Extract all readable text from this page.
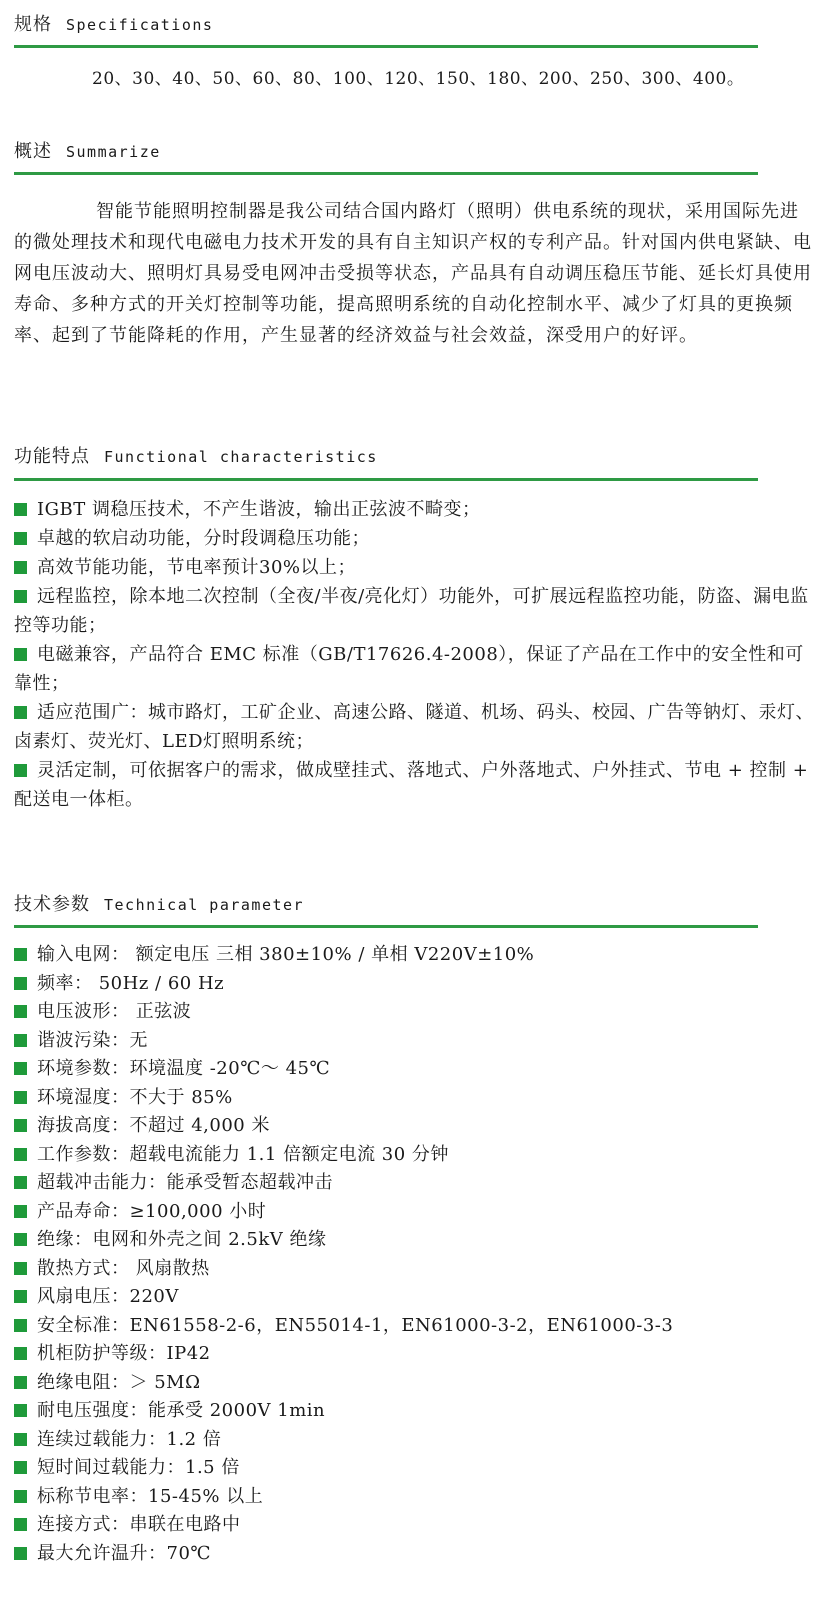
规格 Specifications
20、30、40、50、60、80、100、120、150、180、200、250、300、400。
概述 Summarize

智能节能照明控制器是我公司结合国内路灯（照明）供电系统的现状，采用国际先进的微处理技术和现代电磁电力技术开发的具有自主知识产权的专利产品。针对国内供电紧缺、电网电压波动大、照明灯具易受电网冲击受损等状态，产品具有自动调压稳压节能、延长灯具使用寿命、多种方式的开关灯控制等功能，提高照明系统的自动化控制水平、减少了灯具的更换频率、起到了节能降耗的作用，产生显著的经济效益与社会效益，深受用户的好评。

功能特点 Functional characteristics
IGBT 调稳压技术，不产生谐波，输出正弦波不畸变；
卓越的软启动功能，分时段调稳压功能；
高效节能功能，节电率预计30%以上；
远程监控，除本地二次控制（全夜/半夜/亮化灯）功能外，可扩展远程监控功能，防盗、漏电监控等功能；
电磁兼容，产品符合 EMC 标准（GB/T17626.4-2008），保证了产品在工作中的安全性和可靠性；
适应范围广：城市路灯，工矿企业、高速公路、隧道、机场、码头、校园、广告等钠灯、汞灯、卤素灯、荧光灯、LED灯照明系统；
灵活定制，可依据客户的需求，做成壁挂式、落地式、户外落地式、户外挂式、节电 + 控制 + 配送电一体柜。
技术参数 Technical parameter
输入电网： 额定电压 三相 380±10% / 单相 V220V±10%
频率： 50Hz / 60 Hz
电压波形： 正弦波
谐波污染：无
环境参数：环境温度 -20℃～ 45℃
环境湿度：不大于 85%
海拔高度：不超过 4,000 米
工作参数：超载电流能力 1.1 倍额定电流 30 分钟
超载冲击能力：能承受暂态超载冲击
产品寿命：≥100,000 小时
绝缘：电网和外壳之间 2.5kV 绝缘
散热方式： 风扇散热
风扇电压：220V
安全标准：EN61558-2-6，EN55014-1，EN61000-3-2，EN61000-3-3
机柜防护等级：IP42
绝缘电阻：＞ 5MΩ
耐电压强度：能承受 2000V 1min
连续过载能力：1.2 倍
短时间过载能力：1.5 倍
标称节电率：15-45% 以上
连接方式：串联在电路中
最大允许温升：70℃
